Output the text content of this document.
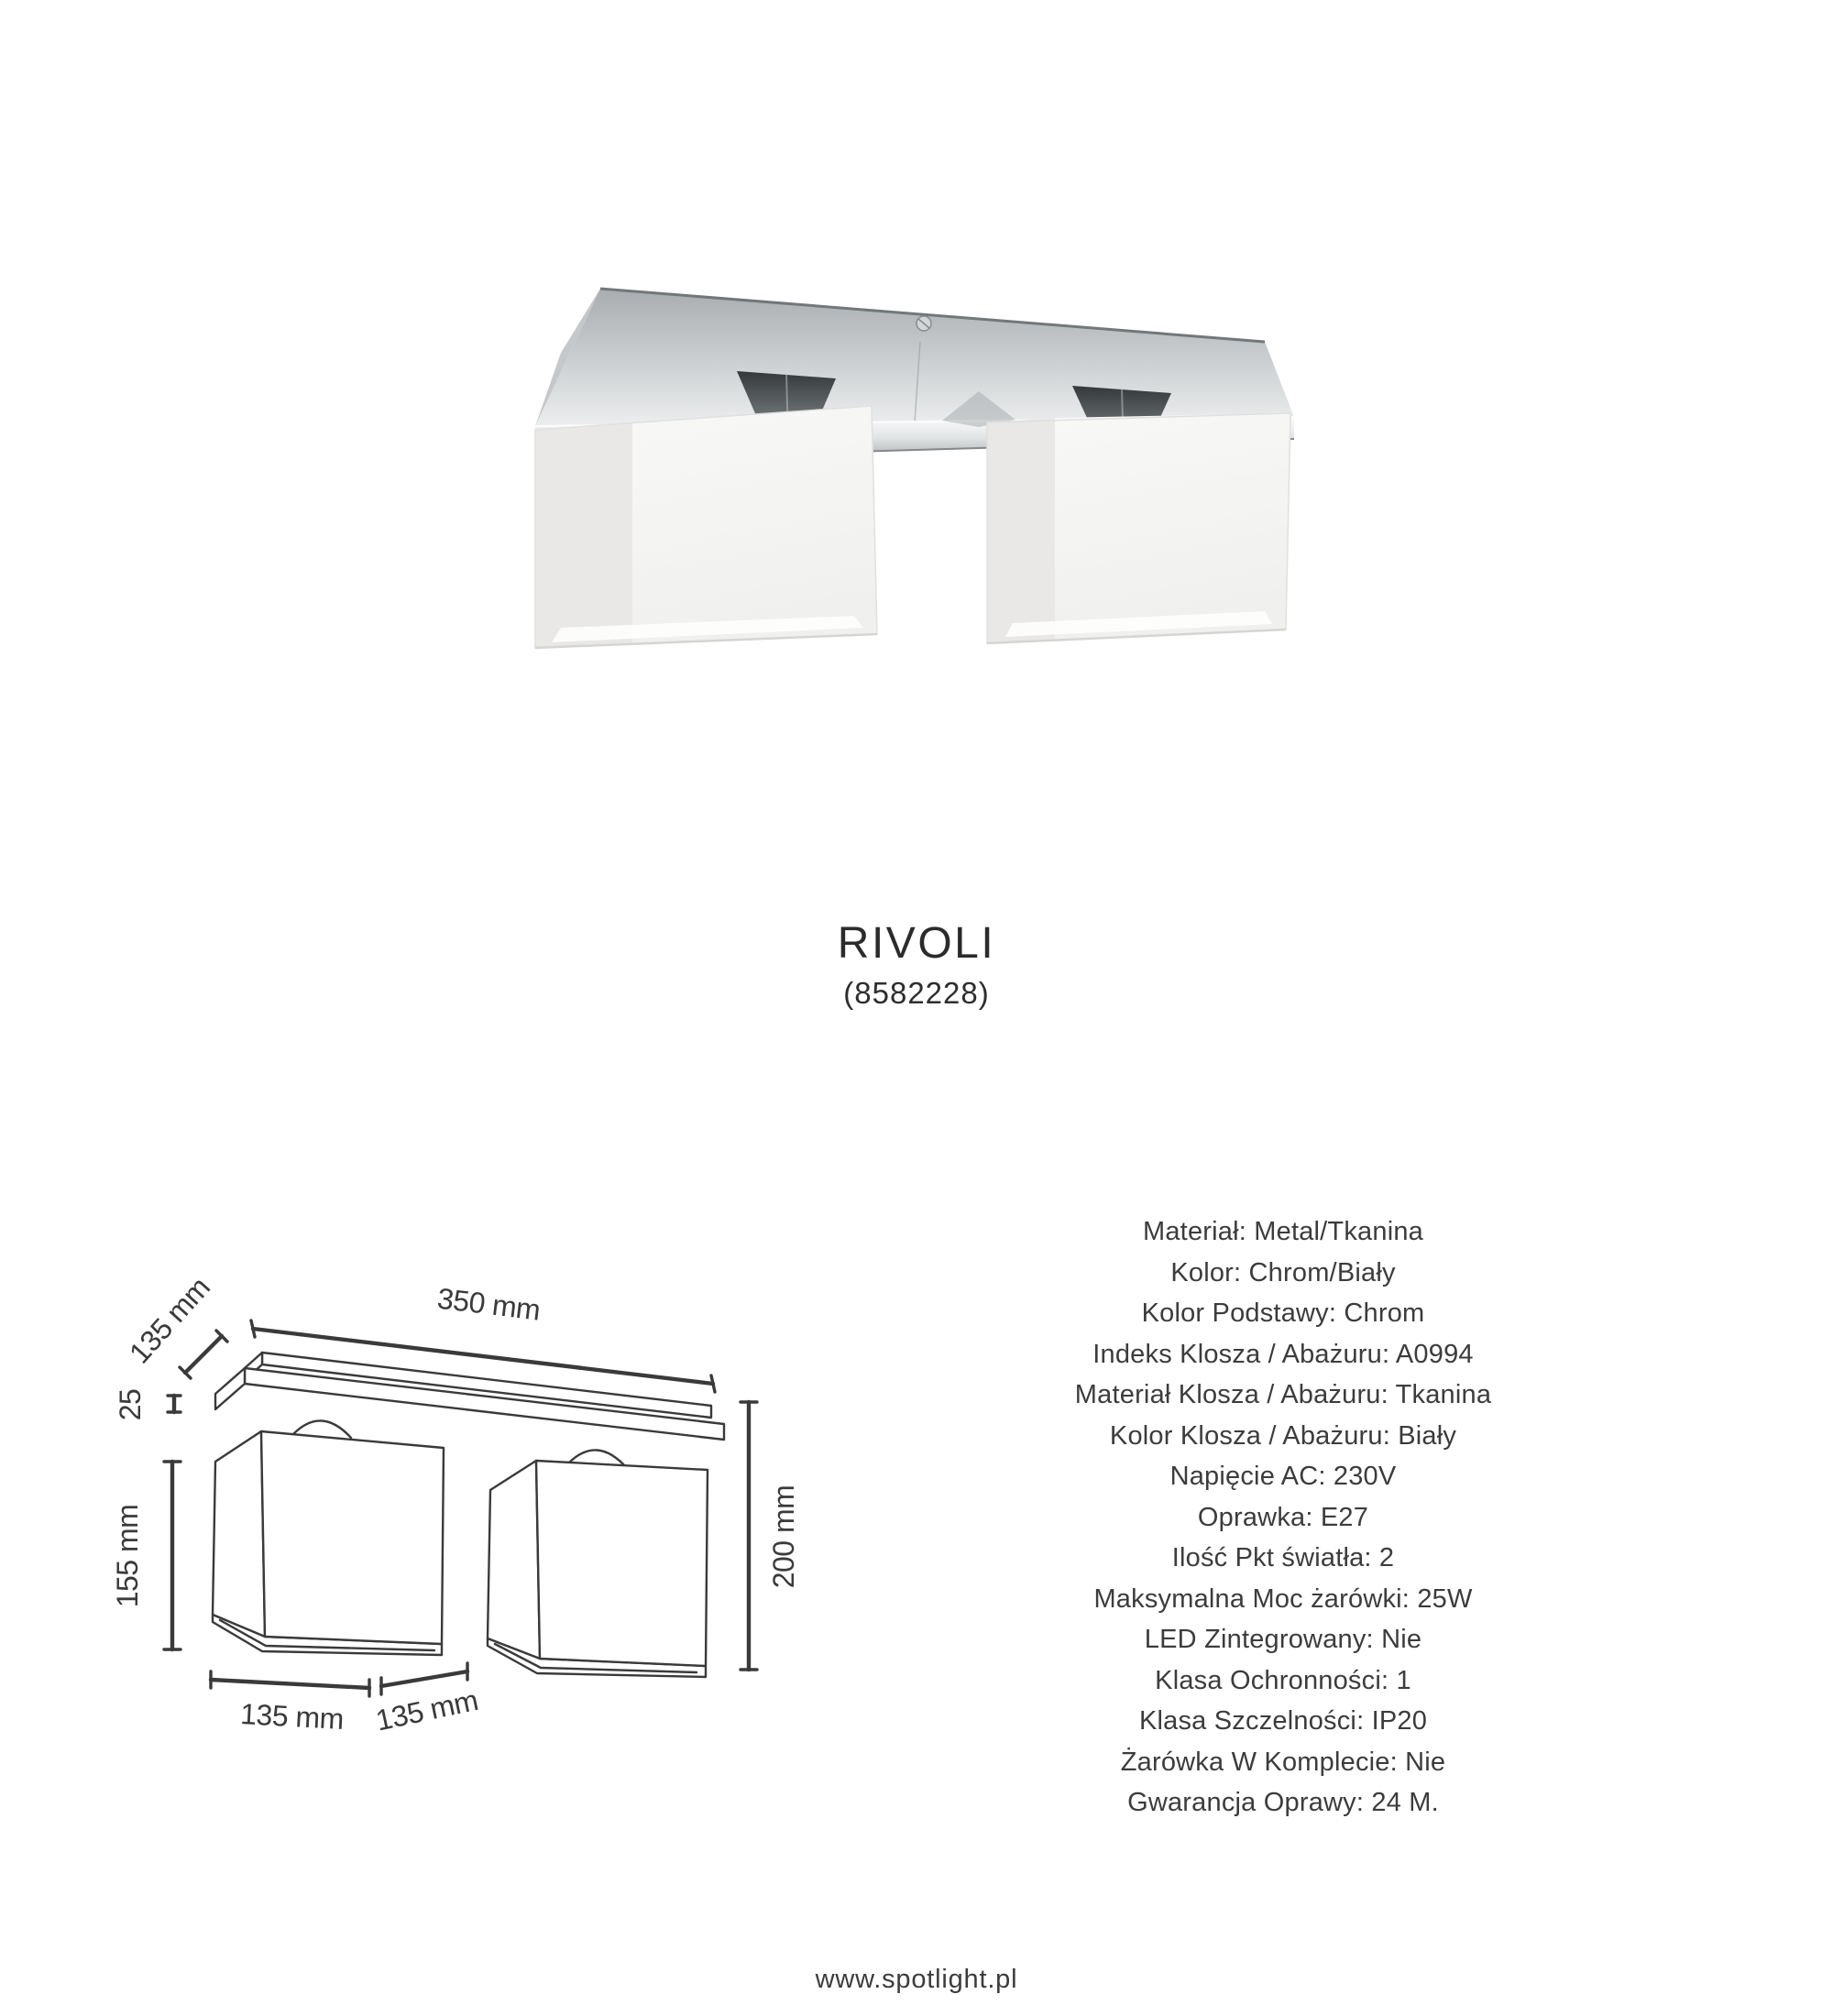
RIVOLI
(8582228)
350 mm
135 mm
25
155 mm	200 mm
135 mm 135 mm
Materiał: Metal/Tkanina
Kolor: Chrom/Biały
Kolor Podstawy: Chrom
Indeks Klosza / Abażuru: A0994
Materiał Klosza / Abażuru: Tkanina
Kolor Klosza / Abażuru: Biały
Napięcie AC: 230V
Oprawka: E27
Ilość Pkt światła: 2
Maksymalna Moc żarówki: 25W
LED Zintegrowany: Nie
Klasa Ochronności: 1
Klasa Szczelności: IP20
Żarówka W Komplecie: Nie
Gwarancja Oprawy: 24 M.
www.spotlight.pl
